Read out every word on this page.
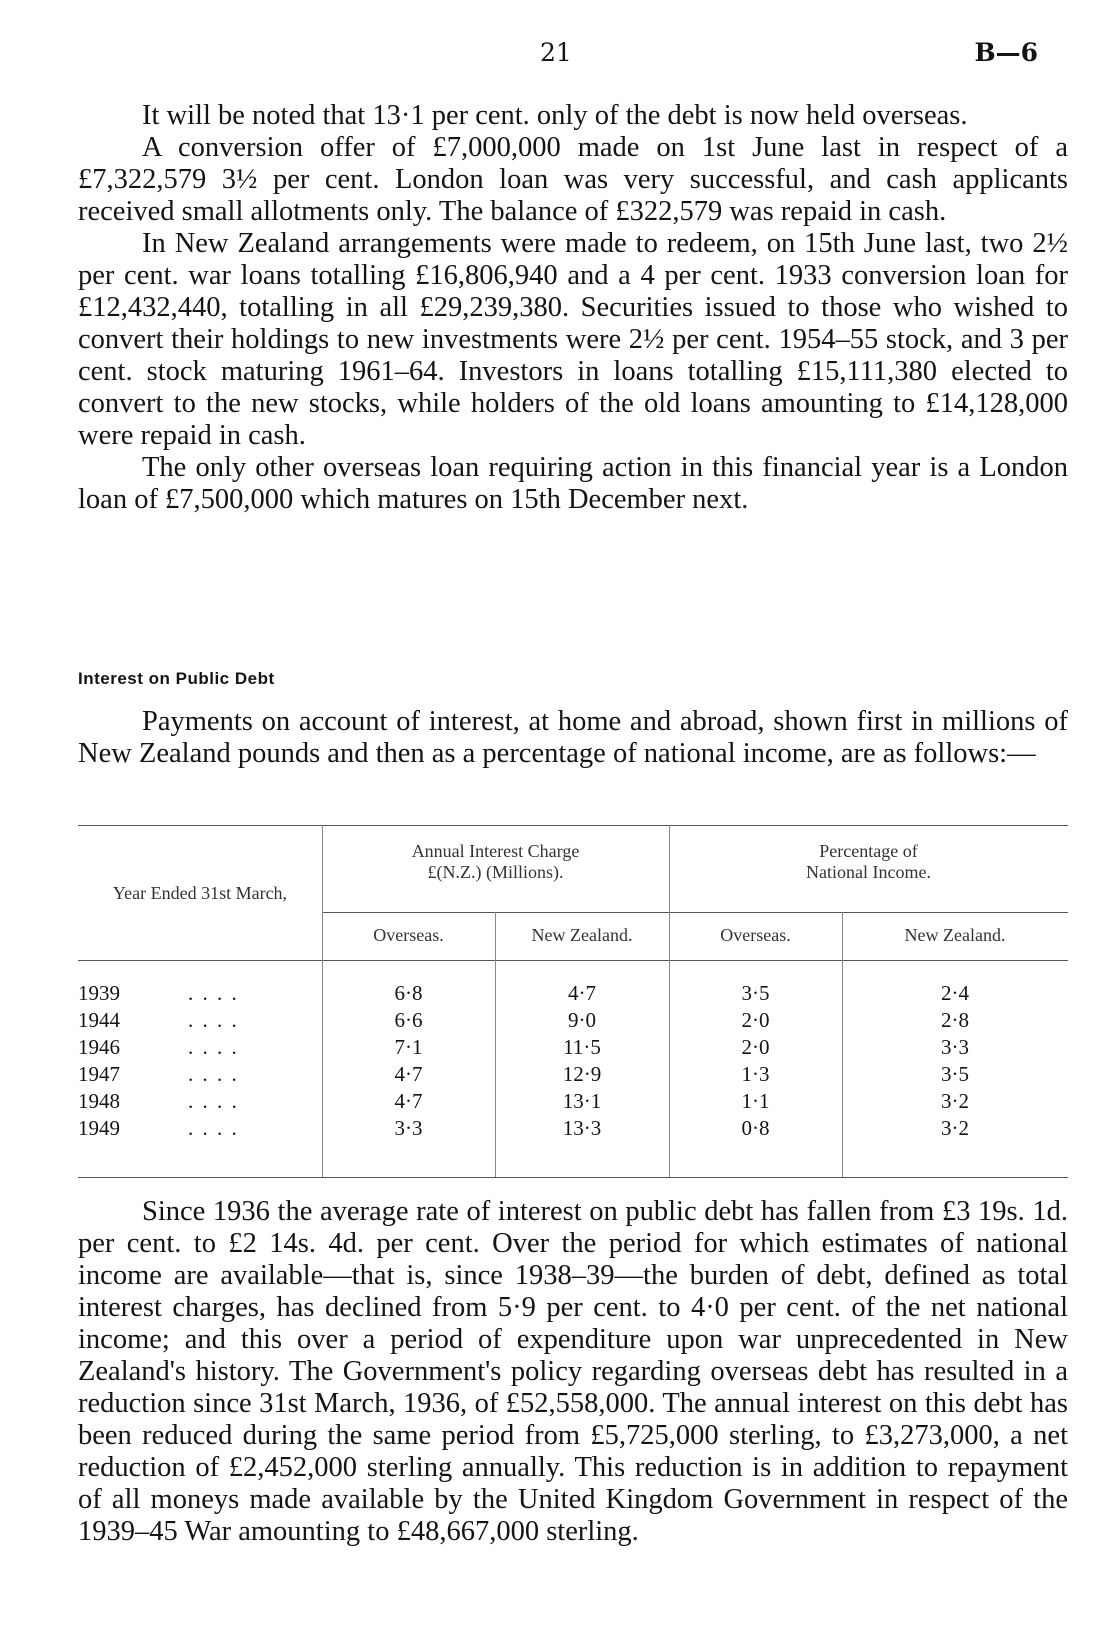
21	B—6

It will be noted that 13·1 per cent. only of the debt is now held overseas.

A conversion offer of £7,000,000 made on 1st June last in respect of a £7,322,579 3½ per cent. London loan was very successful, and cash applicants received small allotments only. The balance of £322,579 was repaid in cash.

In New Zealand arrangements were made to redeem, on 15th June last, two 2½ per cent. war loans totalling £16,806,940 and a 4 per cent. 1933 conversion loan for £12,432,440, totalling in all £29,239,380. Securities issued to those who wished to convert their holdings to new investments were 2½ per cent. 1954–55 stock, and 3 per cent. stock maturing 1961–64. Investors in loans totalling £15,111,380 elected to convert to the new stocks, while holders of the old loans amounting to £14,128,000 were repaid in cash.

The only other overseas loan requiring action in this financial year is a London loan of £7,500,000 which matures on 15th December next.

Interest on Public Debt

Payments on account of interest, at home and abroad, shown first in millions of New Zealand pounds and then as a percentage of national income, are as follows:—

Year Ended 31st March,
Annual Interest Charge
£(N.Z.) (Millions).
Percentage of
National Income.
Overseas.	New Zealand.	Overseas.	New Zealand.
1939	. . . .	6·8	4·7	3·5	2·4
1944	. . . .	6·6	9·0	2·0	2·8
1946	. . . .	7·1	11·5	2·0	3·3
1947	. . . .	4·7	12·9	1·3	3·5
1948	. . . .	4·7	13·1	1·1	3·2
1949	. . . .	3·3	13·3	0·8	3·2

Since 1936 the average rate of interest on public debt has fallen from £3 19s. 1d. per cent. to £2 14s. 4d. per cent. Over the period for which estimates of national income are available—that is, since 1938–39—the burden of debt, defined as total interest charges, has declined from 5·9 per cent. to 4·0 per cent. of the net national income; and this over a period of expenditure upon war unprecedented in New Zealand's history. The Government's policy regarding overseas debt has resulted in a reduction since 31st March, 1936, of £52,558,000. The annual interest on this debt has been reduced during the same period from £5,725,000 sterling, to £3,273,000, a net reduction of £2,452,000 sterling annually. This reduction is in addition to repayment of all moneys made available by the United Kingdom Government in respect of the 1939–45 War amounting to £48,667,000 sterling.
